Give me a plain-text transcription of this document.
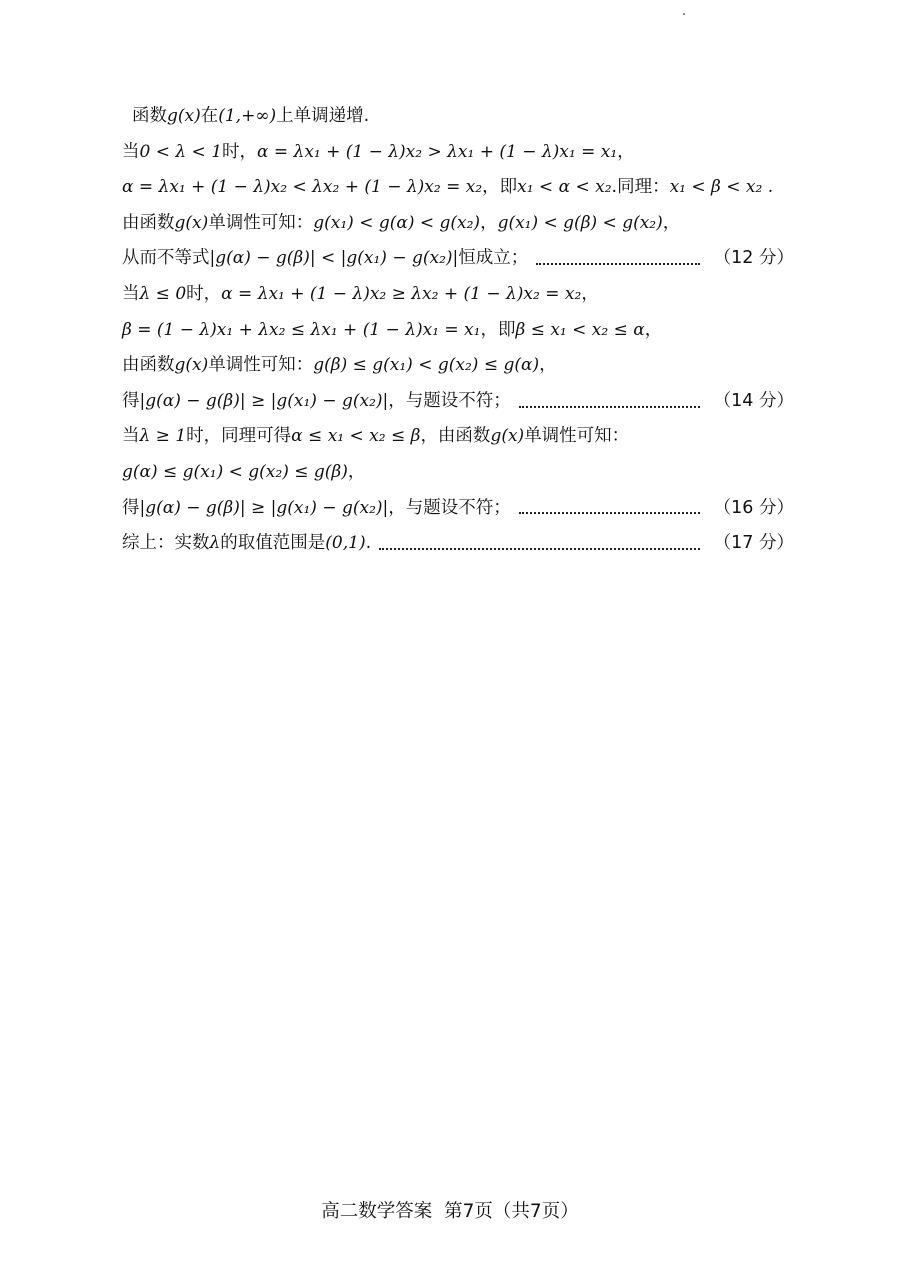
函数 g(x) 在 (1,+∞) 上单调递增.
当 0 < λ < 1 时， α = λx₁ + (1 − λ)x₂ > λx₁ + (1 − λ)x₁ = x₁ ，
α = λx₁ + (1 − λ)x₂ < λx₂ + (1 − λ)x₂ = x₂ ，即 x₁ < α < x₂ .同理： x₁ < β < x₂ .
由函数 g(x) 单调性可知： g(x₁) < g(α) < g(x₂) ， g(x₁) < g(β) < g(x₂) ，
从而不等式 |g(α) − g(β)| < |g(x₁) − g(x₂)| 恒成立；	（12 分）
当 λ ≤ 0 时， α = λx₁ + (1 − λ)x₂ ≥ λx₂ + (1 − λ)x₂ = x₂ ，
β = (1 − λ)x₁ + λx₂ ≤ λx₁ + (1 − λ)x₁ = x₁ ，即 β ≤ x₁ < x₂ ≤ α ，
由函数 g(x) 单调性可知： g(β) ≤ g(x₁) < g(x₂) ≤ g(α) ，
得 |g(α) − g(β)| ≥ |g(x₁) − g(x₂)| ，与题设不符；	（14 分）
当 λ ≥ 1 时，同理可得 α ≤ x₁ < x₂ ≤ β ，由函数 g(x) 单调性可知：
g(α) ≤ g(x₁) < g(x₂) ≤ g(β) ，
得 |g(α) − g(β)| ≥ |g(x₁) − g(x₂)| ，与题设不符；	（16 分）
综上：实数 λ 的取值范围是 (0,1) .	（17 分）
高二数学答案 第7页（共7页）
